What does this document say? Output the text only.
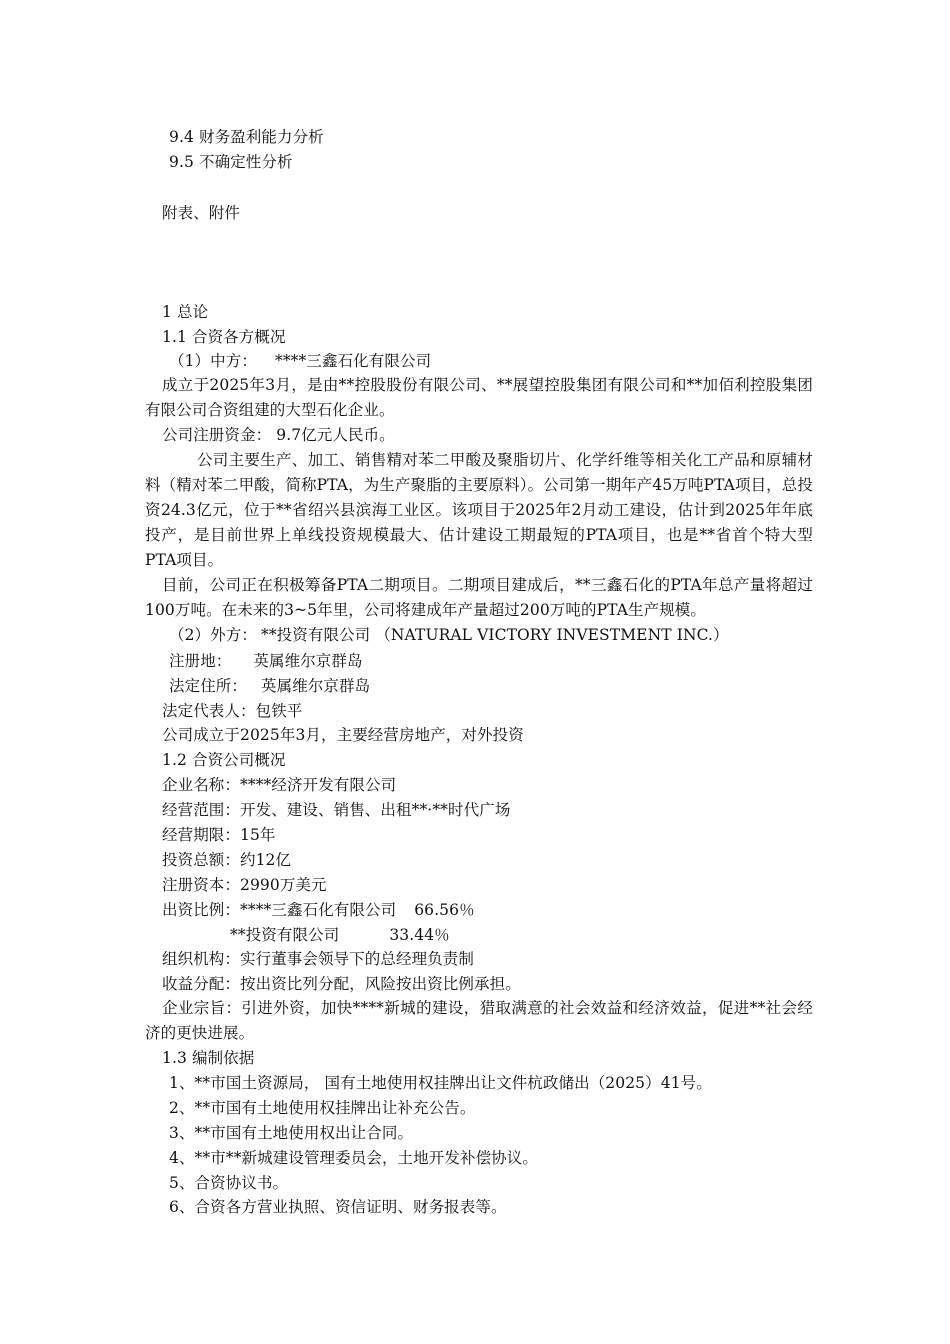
9.4 财务盈利能力分析
9.5 不确定性分析
附表、附件
1 总论
1.1 合资各方概况
（1）中方： ****三鑫石化有限公司
成立于2025年3月，是由**控股股份有限公司、**展望控股集团有限公司和**加佰利控股集团有限公司合资组建的大型石化企业。
公司注册资金： 9.7亿元人民币。
公司主要生产、加工、销售精对苯二甲酸及聚脂切片、化学纤维等相关化工产品和原辅材料（精对苯二甲酸，简称PTA，为生产聚脂的主要原料）。公司第一期年产45万吨PTA项目，总投资24.3亿元，位于**省绍兴县滨海工业区。该项目于2025年2月动工建设，估计到2025年年底投产，是目前世界上单线投资规模最大、估计建设工期最短的PTA项目，也是**省首个特大型PTA项目。
目前，公司正在积极筹备PTA二期项目。二期项目建成后，**三鑫石化的PTA年总产量将超过100万吨。在未来的3~5年里，公司将建成年产量超过200万吨的PTA生产规模。
（2）外方： **投资有限公司 （NATURAL VICTORY INVESTMENT INC.）
注册地： 英属维尔京群岛
法定住所： 英属维尔京群岛
法定代表人：包铁平
公司成立于2025年3月，主要经营房地产，对外投资
1.2 合资公司概况
企业名称：****经济开发有限公司
经营范围：开发、建设、销售、出租**·**时代广场
经营期限：15年
投资总额：约12亿
注册资本：2990万美元
出资比例：****三鑫石化有限公司 66.56％
**投资有限公司	33.44％
组织机构：实行董事会领导下的总经理负责制
收益分配：按出资比列分配，风险按出资比例承担。
企业宗旨：引进外资，加快****新城的建设，猎取满意的社会效益和经济效益，促进**社会经济的更快进展。
1.3 编制依据
1、**市国土资源局， 国有土地使用权挂牌出让文件杭政储出（2025）41号。
2、**市国有土地使用权挂牌出让补充公告。
3、**市国有土地使用权出让合同。
4、**市**新城建设管理委员会，土地开发补偿协议。
5、合资协议书。
6、合资各方营业执照、资信证明、财务报表等。
